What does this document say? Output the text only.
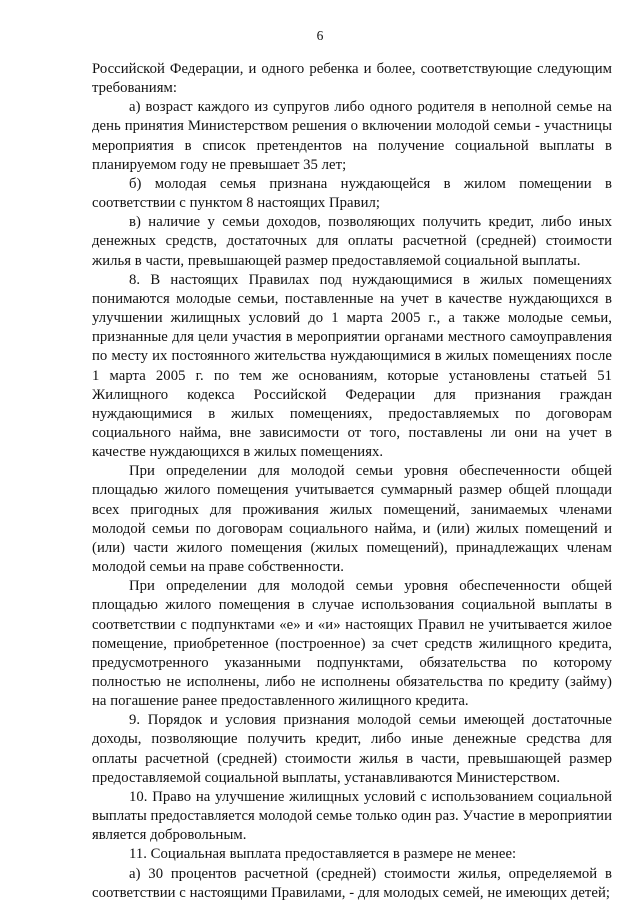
6

Российской Федерации, и одного ребенка и более, соответствующие следующим требованиям:

а) возраст каждого из супругов либо одного родителя в неполной семье на день принятия Министерством решения о включении молодой семьи - участницы мероприятия в список претендентов на получение социальной выплаты в планируемом году не превышает 35 лет;

б) молодая семья признана нуждающейся в жилом помещении в соответствии с пунктом 8 настоящих Правил;

в) наличие у семьи доходов, позволяющих получить кредит, либо иных денежных средств, достаточных для оплаты расчетной (средней) стоимости жилья в части, превышающей размер предоставляемой социальной выплаты.

8. В настоящих Правилах под нуждающимися в жилых помещениях понимаются молодые семьи, поставленные на учет в качестве нуждающихся в улучшении жилищных условий до 1 марта 2005 г., а также молодые семьи, признанные для цели участия в мероприятии органами местного самоуправления по месту их постоянного жительства нуждающимися в жилых помещениях после 1 марта 2005 г. по тем же основаниям, которые установлены статьей 51 Жилищного кодекса Российской Федерации для признания граждан нуждающимися в жилых помещениях, предоставляемых по договорам социального найма, вне зависимости от того, поставлены ли они на учет в качестве нуждающихся в жилых помещениях.

При определении для молодой семьи уровня обеспеченности общей площадью жилого помещения учитывается суммарный размер общей площади всех пригодных для проживания жилых помещений, занимаемых членами молодой семьи по договорам социального найма, и (или) жилых помещений и (или) части жилого помещения (жилых помещений), принадлежащих членам молодой семьи на праве собственности.

При определении для молодой семьи уровня обеспеченности общей площадью жилого помещения в случае использования социальной выплаты в соответствии с подпунктами «е» и «и» настоящих Правил не учитывается жилое помещение, приобретенное (построенное) за счет средств жилищного кредита, предусмотренного указанными подпунктами, обязательства по которому полностью не исполнены, либо не исполнены обязательства по кредиту (займу) на погашение ранее предоставленного жилищного кредита.

9. Порядок и условия признания молодой семьи имеющей достаточные доходы, позволяющие получить кредит, либо иные денежные средства для оплаты расчетной (средней) стоимости жилья в части, превышающей размер предоставляемой социальной выплаты, устанавливаются Министерством.

10. Право на улучшение жилищных условий с использованием социальной выплаты предоставляется молодой семье только один раз. Участие в мероприятии является добровольным.

11. Социальная выплата предоставляется в размере не менее:

а) 30 процентов расчетной (средней) стоимости жилья, определяемой в соответствии с настоящими Правилами, - для молодых семей, не имеющих детей;
